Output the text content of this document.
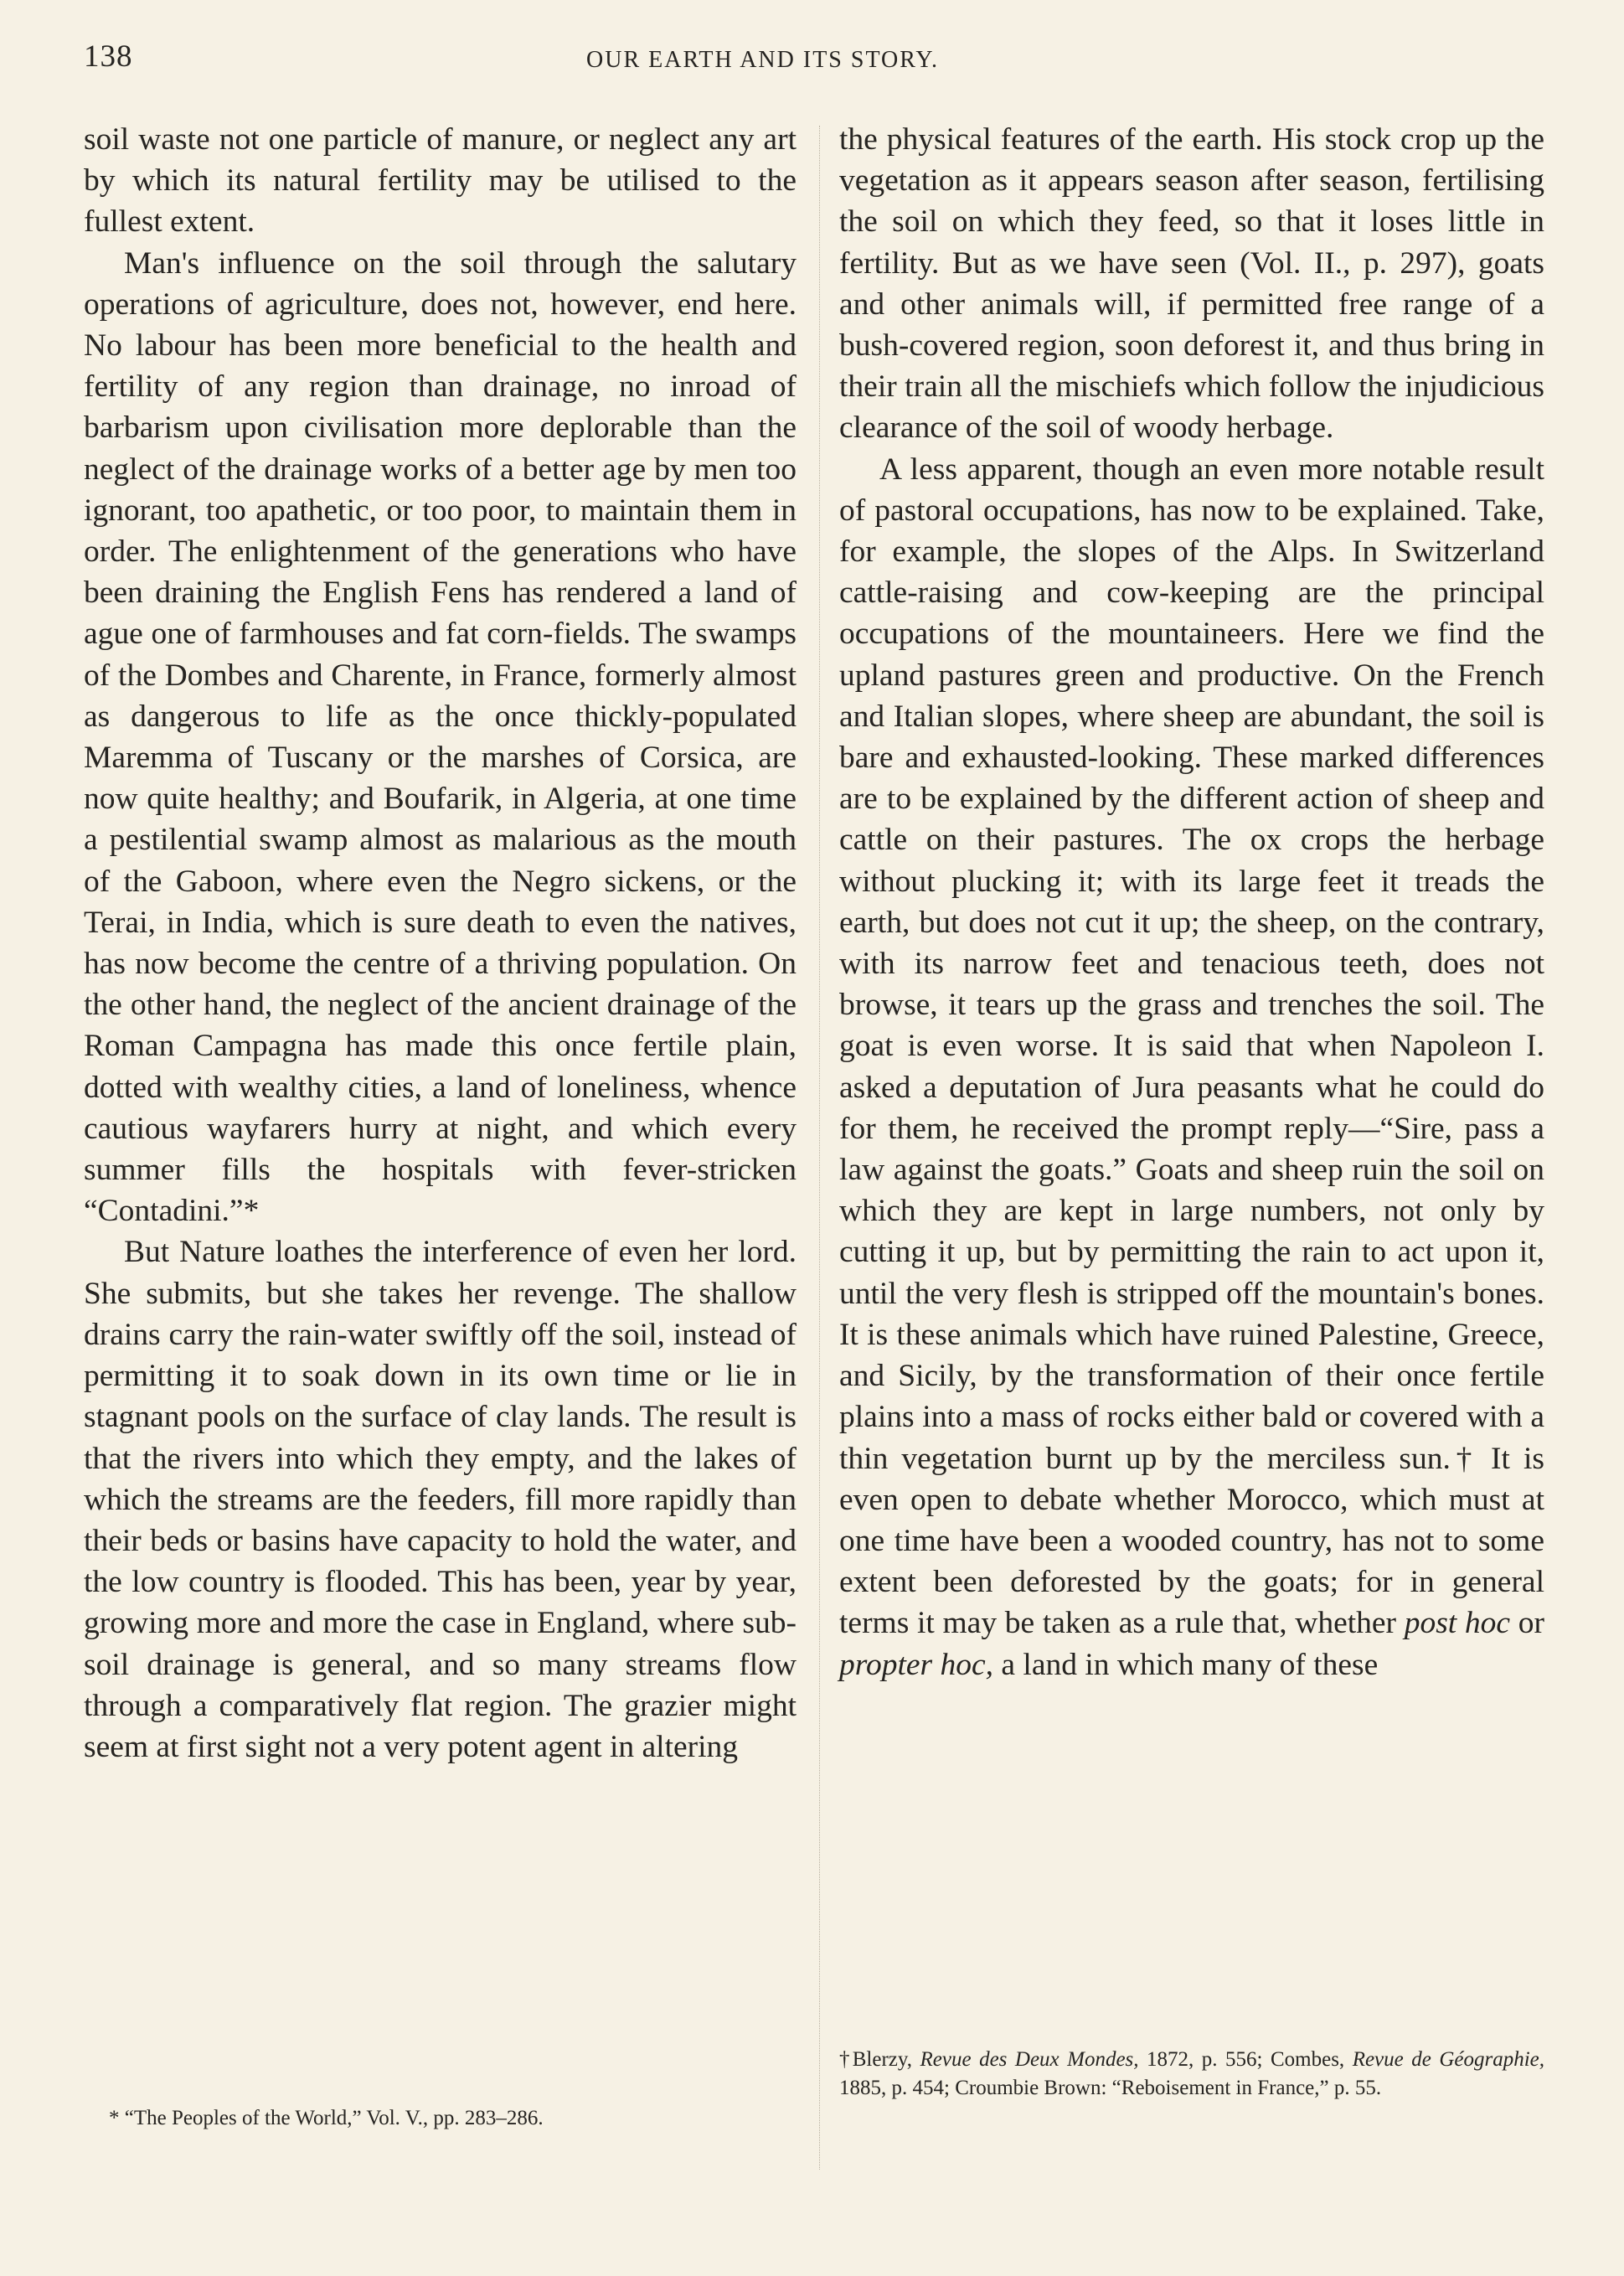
138	OUR EARTH AND ITS STORY.

soil waste not one particle of manure, or neglect any art by which its natural fertility may be utilised to the fullest extent.

Man's influence on the soil through the salutary operations of agriculture, does not, however, end here. No labour has been more beneficial to the health and fertility of any region than drainage, no inroad of barbarism upon civilisation more deplorable than the neglect of the drainage works of a better age by men too ignorant, too apathetic, or too poor, to maintain them in order. The enlightenment of the generations who have been draining the English Fens has rendered a land of ague one of farmhouses and fat corn-fields. The swamps of the Dombes and Charente, in France, formerly almost as dangerous to life as the once thickly-populated Maremma of Tuscany or the marshes of Corsica, are now quite healthy; and Boufarik, in Algeria, at one time a pestilential swamp almost as malarious as the mouth of the Gaboon, where even the Negro sickens, or the Terai, in India, which is sure death to even the natives, has now become the centre of a thriving population. On the other hand, the neglect of the ancient drainage of the Roman Campagna has made this once fertile plain, dotted with wealthy cities, a land of loneliness, whence cautious wayfarers hurry at night, and which every summer fills the hospitals with fever-stricken “Contadini.”*

But Nature loathes the interference of even her lord. She submits, but she takes her revenge. The shallow drains carry the rain-water swiftly off the soil, instead of permitting it to soak down in its own time or lie in stagnant pools on the surface of clay lands. The result is that the rivers into which they empty, and the lakes of which the streams are the feeders, fill more rapidly than their beds or basins have capacity to hold the water, and the low country is flooded. This has been, year by year, growing more and more the case in England, where sub-soil drainage is general, and so many streams flow through a comparatively flat region. The grazier might seem at first sight not a very potent agent in altering

the physical features of the earth. His stock crop up the vegetation as it appears season after season, fertilising the soil on which they feed, so that it loses little in fertility. But as we have seen (Vol. II., p. 297), goats and other animals will, if permitted free range of a bush-covered region, soon deforest it, and thus bring in their train all the mischiefs which follow the injudicious clearance of the soil of woody herbage.

A less apparent, though an even more notable result of pastoral occupations, has now to be explained. Take, for example, the slopes of the Alps. In Switzerland cattle-raising and cow-keeping are the principal occupations of the mountaineers. Here we find the upland pastures green and productive. On the French and Italian slopes, where sheep are abundant, the soil is bare and exhausted-looking. These marked differences are to be explained by the different action of sheep and cattle on their pastures. The ox crops the herbage without plucking it; with its large feet it treads the earth, but does not cut it up; the sheep, on the contrary, with its narrow feet and tenacious teeth, does not browse, it tears up the grass and trenches the soil. The goat is even worse. It is said that when Napoleon I. asked a deputation of Jura peasants what he could do for them, he received the prompt reply—“Sire, pass a law against the goats.” Goats and sheep ruin the soil on which they are kept in large numbers, not only by cutting it up, but by permitting the rain to act upon it, until the very flesh is stripped off the mountain's bones. It is these animals which have ruined Palestine, Greece, and Sicily, by the transformation of their once fertile plains into a mass of rocks either bald or covered with a thin vegetation burnt up by the merciless sun.† It is even open to debate whether Morocco, which must at one time have been a wooded country, has not to some extent been deforested by the goats; for in general terms it may be taken as a rule that, whether post hoc or propter hoc, a land in which many of these

* “The Peoples of the World,” Vol. V., pp. 283–286.
†Blerzy, Revue des Deux Mondes, 1872, p. 556; Combes, Revue de Géographie, 1885, p. 454; Croumbie Brown: “Reboisement in France,” p. 55.
